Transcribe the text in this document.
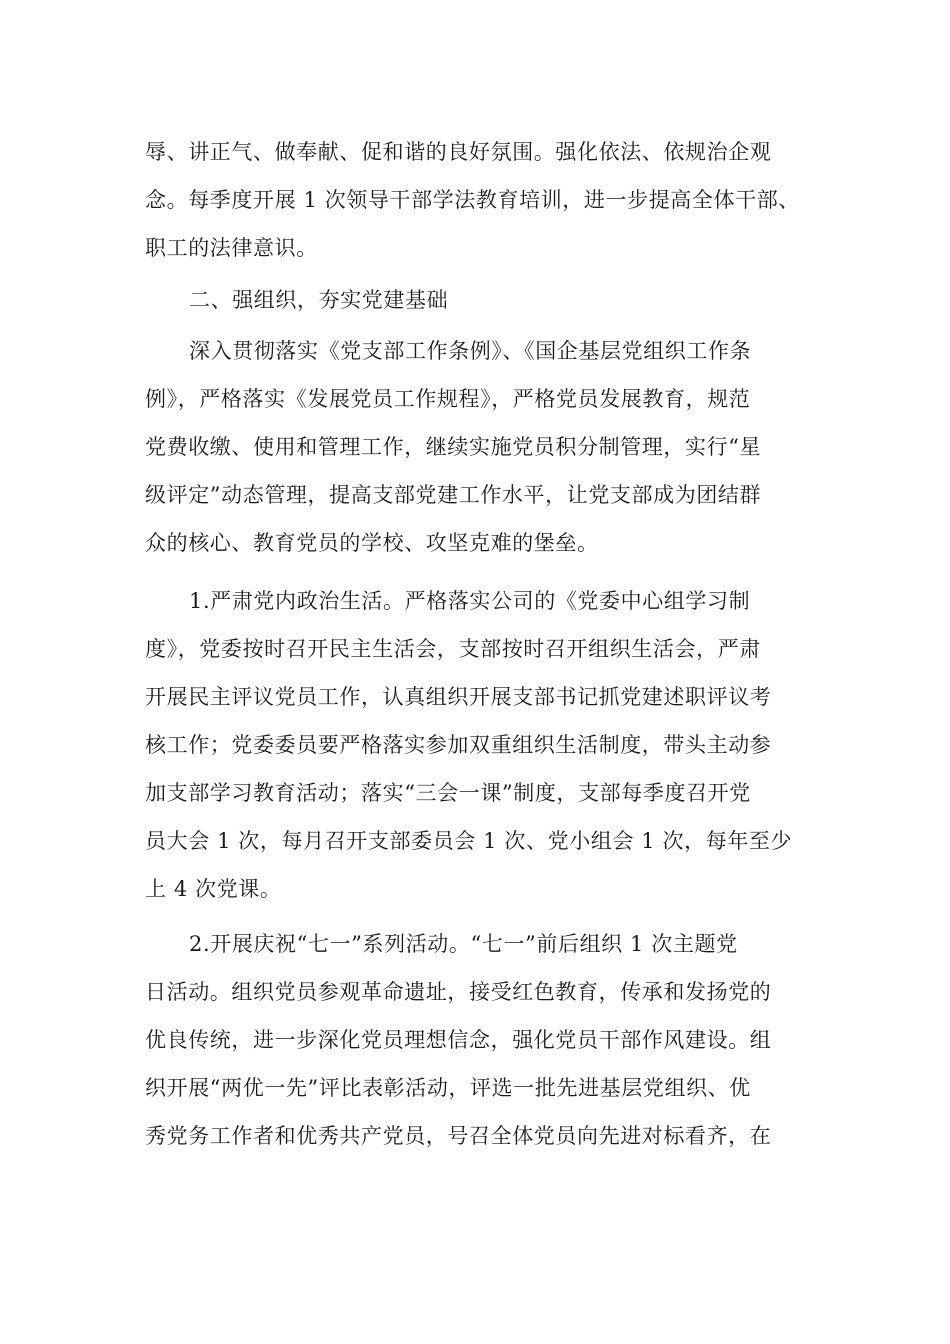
辱、讲正气、做奉献、促和谐的良好氛围。强化依法、依规治企观
念。每季度开展 1 次领导干部学法教育培训，进一步提高全体干部、
职工的法律意识。
二、强组织，夯实党建基础
深入贯彻落实《党支部工作条例》、《国企基层党组织工作条
例》，严格落实《发展党员工作规程》，严格党员发展教育，规范
党费收缴、使用和管理工作，继续实施党员积分制管理，实行“星
级评定”动态管理，提高支部党建工作水平，让党支部成为团结群
众的核心、教育党员的学校、攻坚克难的堡垒。
1.严肃党内政治生活。严格落实公司的《党委中心组学习制
度》，党委按时召开民主生活会，支部按时召开组织生活会，严肃
开展民主评议党员工作，认真组织开展支部书记抓党建述职评议考
核工作；党委委员要严格落实参加双重组织生活制度，带头主动参
加支部学习教育活动；落实“三会一课”制度，支部每季度召开党
员大会 1 次，每月召开支部委员会 1 次、党小组会 1 次，每年至少
上 4 次党课。
2.开展庆祝“七一”系列活动。“七一”前后组织 1 次主题党
日活动。组织党员参观革命遗址，接受红色教育，传承和发扬党的
优良传统，进一步深化党员理想信念，强化党员干部作风建设。组
织开展“两优一先”评比表彰活动，评选一批先进基层党组织、优
秀党务工作者和优秀共产党员，号召全体党员向先进对标看齐，在
